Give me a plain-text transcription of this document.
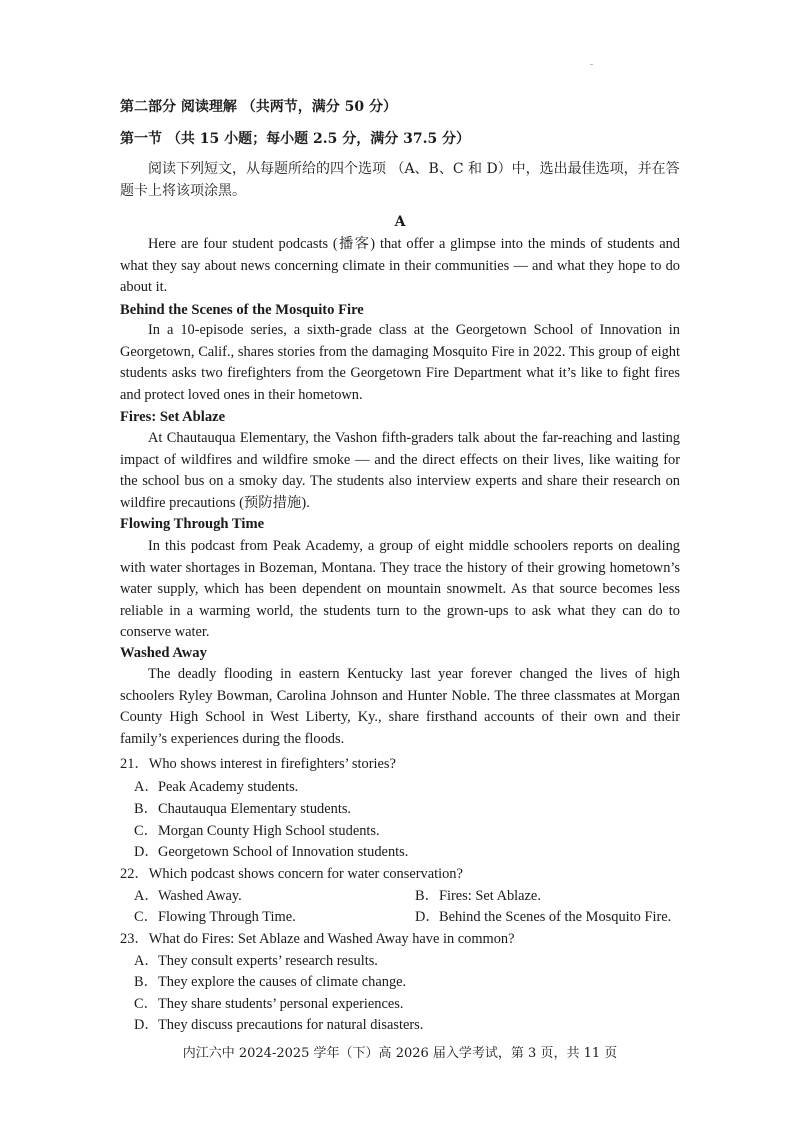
第二部分 阅读理解 （共两节，满分 50 分）
第一节 （共 15 小题；每小题 2.5 分，满分 37.5 分）
阅读下列短文，从每题所给的四个选项 （A、B、C 和 D）中，选出最佳选项，并在答题卡上将该项涂黑。
A

Here are four student podcasts (播客) that offer a glimpse into the minds of students and what they say about news concerning climate in their communities — and what they hope to do about it.

Behind the Scenes of the Mosquito Fire

In a 10-episode series, a sixth-grade class at the Georgetown School of Innovation in Georgetown, Calif., shares stories from the damaging Mosquito Fire in 2022. This group of eight students asks two firefighters from the Georgetown Fire Department what it’s like to fight fires and protect loved ones in their hometown.

Fires: Set Ablaze

At Chautauqua Elementary, the Vashon fifth-graders talk about the far-reaching and lasting impact of wildfires and wildfire smoke — and the direct effects on their lives, like waiting for the school bus on a smoky day. The students also interview experts and share their research on wildfire precautions (预防措施).

Flowing Through Time

In this podcast from Peak Academy, a group of eight middle schoolers reports on dealing with water shortages in Bozeman, Montana. They trace the history of their growing hometown’s water supply, which has been dependent on mountain snowmelt. As that source becomes less reliable in a warming world, the students turn to the grown-ups to ask what they can do to conserve water.

Washed Away

The deadly flooding in eastern Kentucky last year forever changed the lives of high schoolers Ryley Bowman, Carolina Johnson and Hunter Noble. The three classmates at Morgan County High School in West Liberty, Ky., share firsthand accounts of their own and their family’s experiences during the floods.

21．Who shows interest in firefighters’ stories?
A．Peak Academy students.
B．Chautauqua Elementary students.
C．Morgan County High School students.
D．Georgetown School of Innovation students.
22．Which podcast shows concern for water conservation?
A．Washed Away.	B．Fires: Set Ablaze.
C．Flowing Through Time.	D．Behind the Scenes of the Mosquito Fire.
23．What do Fires: Set Ablaze and Washed Away have in common?
A．They consult experts’ research results.
B．They explore the causes of climate change.
C．They share students’ personal experiences.
D．They discuss precautions for natural disasters.
内江六中 2024-2025 学年（下）高 2026 届入学考试，第 3 页，共 11 页
